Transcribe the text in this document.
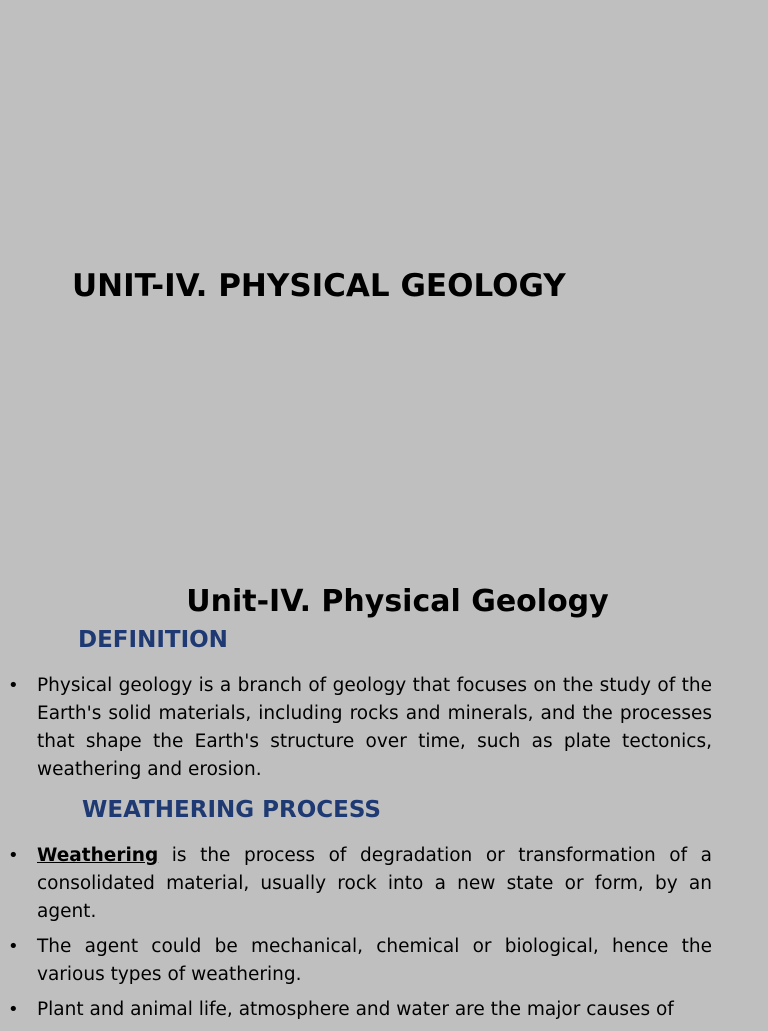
UNIT-IV. PHYSICAL GEOLOGY
Unit-IV. Physical Geology
DEFINITION
• Physical geology is a branch of geology that focuses on the study of the Earth's solid materials, including rocks and minerals, and the processes that shape the Earth's structure over time, such as plate tectonics, weathering and erosion.
WEATHERING PROCESS
• Weathering is the process of degradation or transformation of a consolidated material, usually rock into a new state or form, by an agent.
• The agent could be mechanical, chemical or biological, hence the various types of weathering.
• Plant and animal life, atmosphere and water are the major causes of
